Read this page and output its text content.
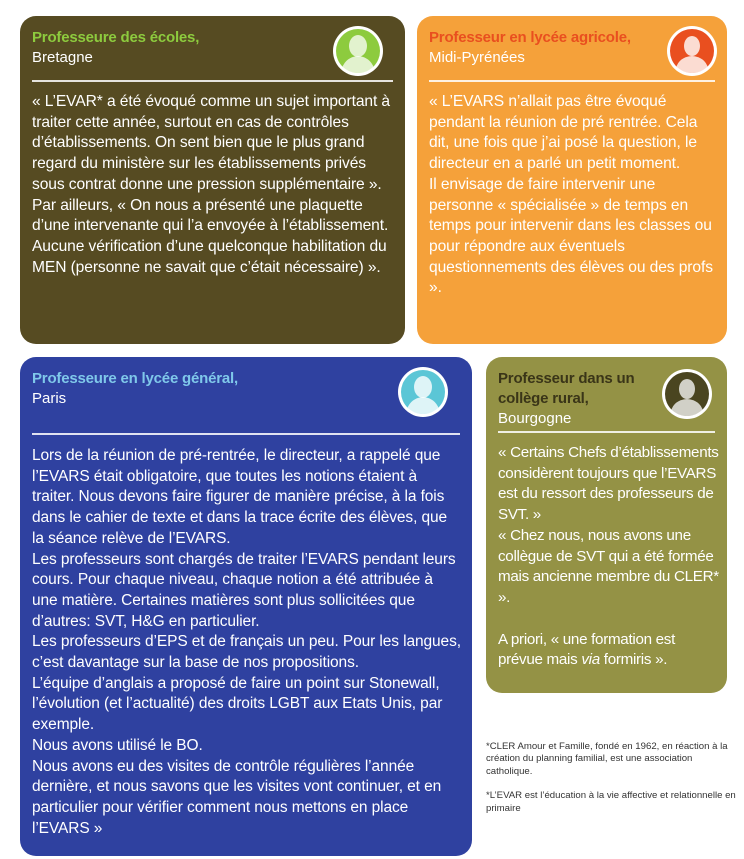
Professeure des écoles,
Bretagne

« L’EVAR* a été évoqué comme un sujet important à traiter cette année, surtout en cas de contrôles d’établissements. On sent bien que le plus grand regard du ministère sur les établissements privés sous contrat donne une pression supplémentaire ».

Par ailleurs, « On nous a présenté une plaquette d’une intervenante qui l’a envoyée à l’établissement. Aucune vérification d’une quelconque habilitation du MEN (personne ne savait que c’était nécessaire) ».

Professeur en lycée agricole,
Midi-Pyrénées

« L’EVARS n’allait pas être évoqué pendant la réunion de pré rentrée. Cela dit, une fois que j’ai posé la question, le directeur en a parlé un petit moment.

Il envisage de faire intervenir une personne « spécialisée » de temps en temps pour intervenir dans les classes ou pour répondre aux éventuels questionnements des élèves ou des profs ».

Professeure en lycée général,
Paris

Lors de la réunion de pré-rentrée, le directeur, a rappelé que l’EVARS était obligatoire, que toutes les notions étaient à traiter. Nous devons faire figurer de manière précise, à la fois dans le cahier de texte et dans la trace écrite des élèves, que la séance relève de l’EVARS.

Les professeurs sont chargés de traiter l’EVARS pendant leurs cours. Pour chaque niveau, chaque notion a été attribuée à une matière. Certaines matières sont plus sollicitées que d’autres: SVT, H&G en particulier.

Les professeurs d’EPS et de français un peu. Pour les langues, c’est davantage sur la base de nos propositions.

L’équipe d’anglais a proposé de faire un point sur Stonewall, l’évolution (et l’actualité) des droits LGBT aux Etats Unis, par exemple.

Nous avons utilisé le BO.

Nous avons eu des visites de contrôle régulières l’année dernière, et nous savons que les visites vont continuer, et en particulier pour vérifier comment nous mettons en place l’EVARS »

Professeur dans un collège rural,
Bourgogne

« Certains Chefs d’établissements considèrent toujours que l’EVARS est du ressort des professeurs de SVT. »

« Chez nous, nous avons une collègue de SVT qui a été formée mais ancienne membre du CLER* ».

A priori, « une formation est prévue mais via formiris ».

*CLER Amour et Famille, fondé en 1962, en réaction à la création du planning familial, est une association catholique.

*L’EVAR est l’éducation à la vie affective et relationnelle en primaire
